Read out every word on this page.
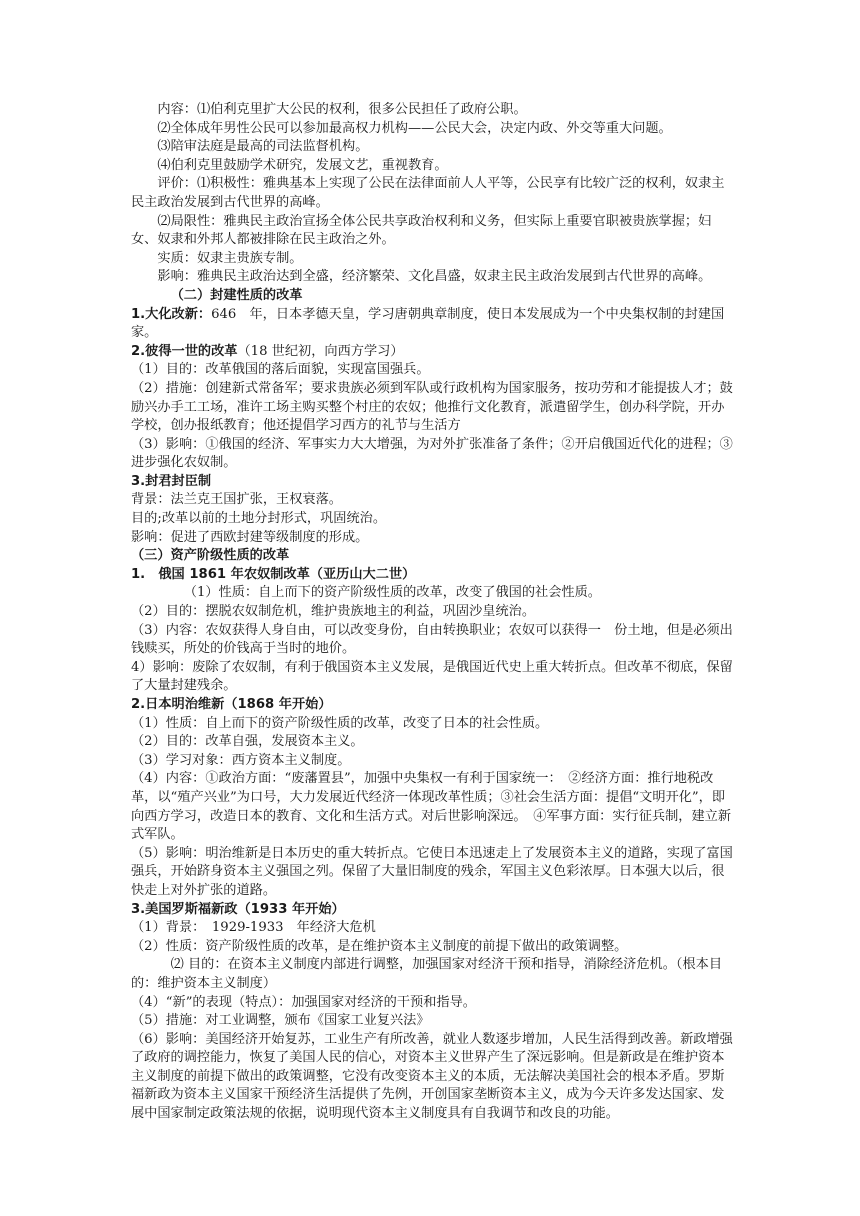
内容：⑴伯利克里扩大公民的权利，很多公民担任了政府公职。

⑵全体成年男性公民可以参加最高权力机构——公民大会，决定内政、外交等重大问题。

⑶陪审法庭是最高的司法监督机构。

⑷伯利克里鼓励学术研究，发展文艺，重视教育。

评价：⑴积极性：雅典基本上实现了公民在法律面前人人平等，公民享有比较广泛的权利，奴隶主民主政治发展到古代世界的高峰。

⑵局限性：雅典民主政治宣扬全体公民共享政治权利和义务，但实际上重要官职被贵族掌握；妇女、奴隶和外邦人都被排除在民主政治之外。

实质：奴隶主贵族专制。

影响：雅典民主政治达到全盛，经济繁荣、文化昌盛，奴隶主民主政治发展到古代世界的高峰。

（二）封建性质的改革

1.大化改新：646　年，日本孝德天皇，学习唐朝典章制度，使日本发展成为一个中央集权制的封建国家。

2.彼得一世的改革（18 世纪初，向西方学习）

（1）目的：改革俄国的落后面貌，实现富国强兵。

（2）措施：创建新式常备军；要求贵族必须到军队或行政机构为国家服务，按功劳和才能提拔人才；鼓励兴办手工工场，准许工场主购买整个村庄的农奴；他推行文化教育，派遣留学生，创办科学院，开办学校，创办报纸教育；他还提倡学习西方的礼节与生活方

（3）影响：①俄国的经济、军事实力大大增强，为对外扩张准备了条件；②开启俄国近代化的进程；③进步强化农奴制。

3.封君封臣制

背景：法兰克王国扩张，王权衰落。

目的;改革以前的土地分封形式，巩固统治。

影响：促进了西欧封建等级制度的形成。

（三）资产阶级性质的改革

1.　俄国 1861 年农奴制改革（亚历山大二世）

（1）性质：自上而下的资产阶级性质的改革，改变了俄国的社会性质。

（2）目的：摆脱农奴制危机，维护贵族地主的利益，巩固沙皇统治。

（3）内容：农奴获得人身自由，可以改变身份，自由转换职业；农奴可以获得一　份土地，但是必须出钱赎买，所处的价钱高于当时的地价。

4）影响：废除了农奴制，有利于俄国资本主义发展，是俄国近代史上重大转折点。但改革不彻底，保留了大量封建残余。

2.日本明治维新（1868 年开始）

（1）性质：自上而下的资产阶级性质的改革，改变了日本的社会性质。

（2）目的：改革自强，发展资本主义。

（3）学习对象：西方资本主义制度。

（4）内容：①政治方面：“废藩置县”，加强中央集权一有利于国家统一：　②经济方面：推行地税改革，以“殖产兴业”为口号，大力发展近代经济一体现改革性质；③社会生活方面：提倡“文明开化”，即向西方学习，改造日本的教育、文化和生活方式。对后世影响深远。　④军事方面：实行征兵制，建立新式军队。

（5）影响：明治维新是日本历史的重大转折点。它使日本迅速走上了发展资本主义的道路，实现了富国强兵，开始跻身资本主义强国之列。保留了大量旧制度的残余，军国主义色彩浓厚。日本强大以后，很快走上对外扩张的道路。

3.美国罗斯福新政（1933 年开始）

（1）背景：　1929-1933　年经济大危机

（2）性质：资产阶级性质的改革，是在维护资本主义制度的前提下做出的政策调整。

⑵ 目的：在资本主义制度内部进行调整，加强国家对经济干预和指导，消除经济危机。（根本目的：维护资本主义制度）

（4）“新”的表现（特点）：加强国家对经济的干预和指导。

（5）措施：对工业调整，颁布《国家工业复兴法》

（6）影响：美国经济开始复苏，工业生产有所改善，就业人数逐步增加，人民生活得到改善。新政增强了政府的调控能力，恢复了美国人民的信心，对资本主义世界产生了深远影响。但是新政是在维护资本主义制度的前提下做出的政策调整，它没有改变资本主义的本质，无法解决美国社会的根本矛盾。罗斯福新政为资本主义国家干预经济生活提供了先例，开创国家垄断资本主义，成为今天许多发达国家、发展中国家制定政策法规的依据，说明现代资本主义制度具有自我调节和改良的功能。
